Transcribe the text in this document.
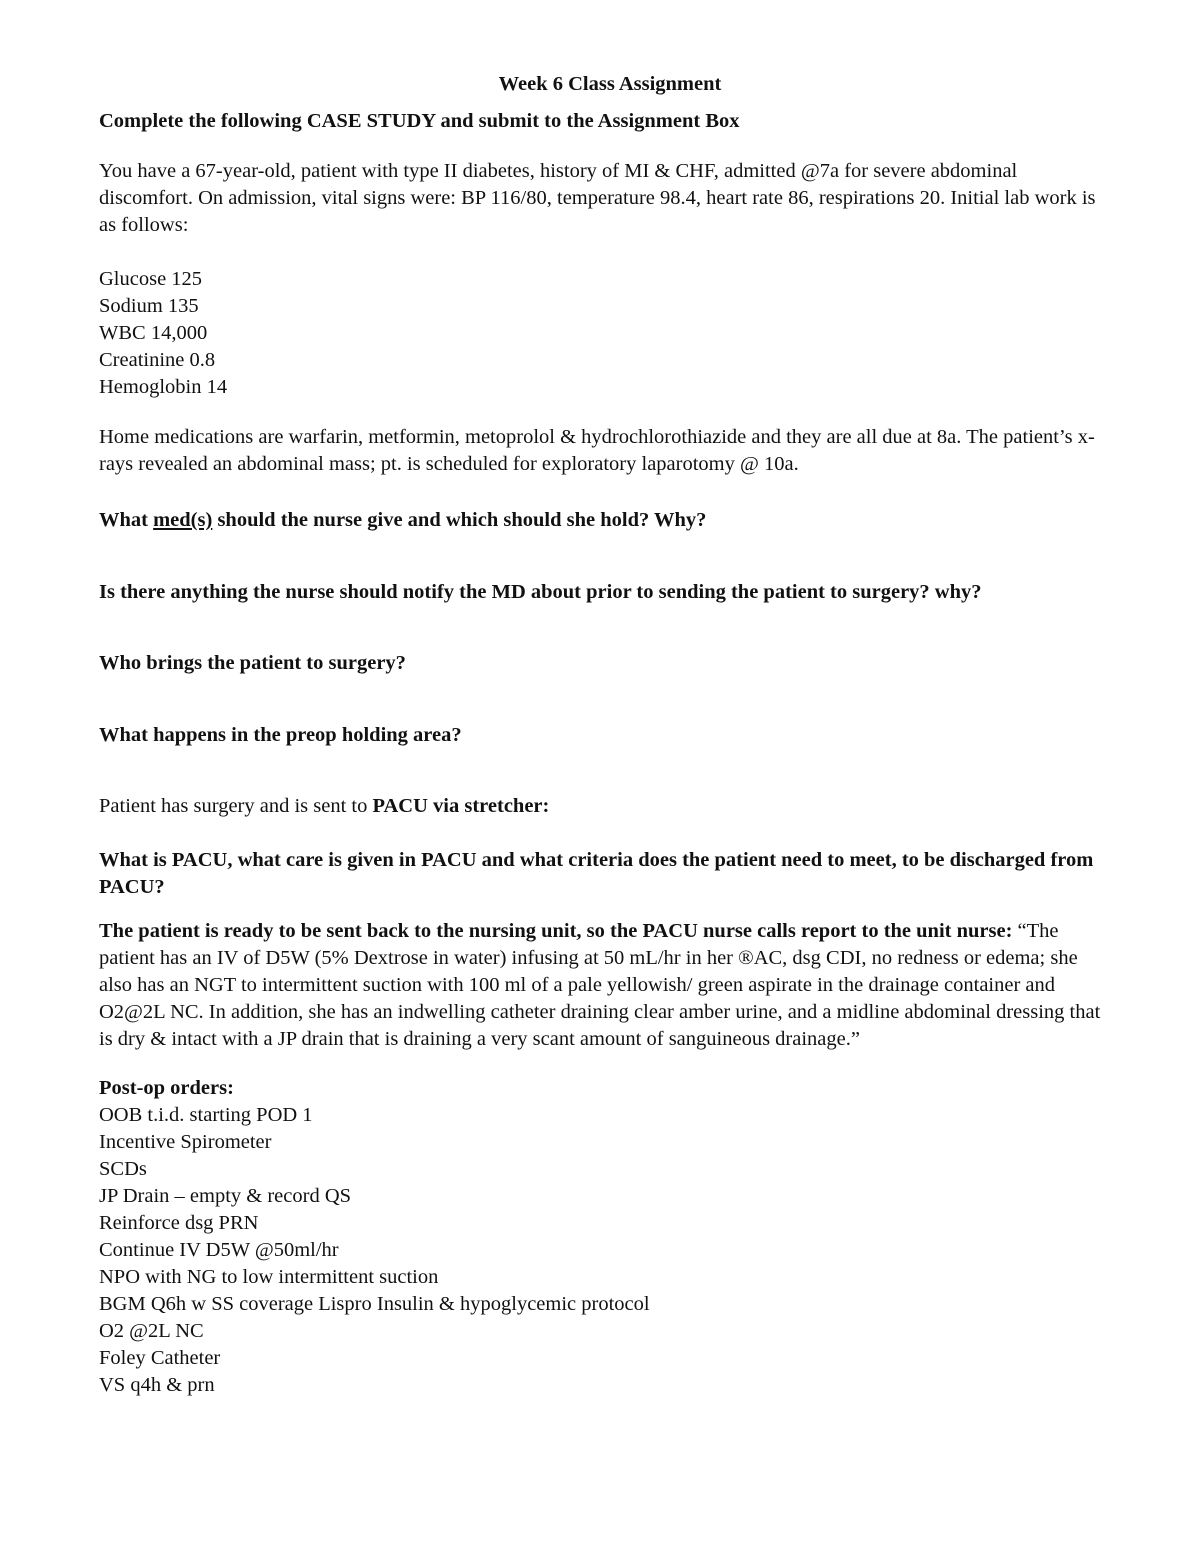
Week 6 Class Assignment

Complete the following CASE STUDY and submit to the Assignment Box

You have a 67-year-old, patient with type II diabetes, history of MI & CHF, admitted @7a for severe abdominal discomfort. On admission, vital signs were: BP 116/80, temperature 98.4, heart rate 86, respirations 20. Initial lab work is as follows:

Glucose 125
Sodium 135
WBC 14,000
Creatinine 0.8
Hemoglobin 14

Home medications are warfarin, metformin, metoprolol & hydrochlorothiazide and they are all due at 8a. The patient’s x-rays revealed an abdominal mass; pt. is scheduled for exploratory laparotomy @ 10a.

What med(s) should the nurse give and which should she hold? Why?

Is there anything the nurse should notify the MD about prior to sending the patient to surgery? why?

Who brings the patient to surgery?

What happens in the preop holding area?

Patient has surgery and is sent to PACU via stretcher:

What is PACU, what care is given in PACU and what criteria does the patient need to meet, to be discharged from PACU?

The patient is ready to be sent back to the nursing unit, so the PACU nurse calls report to the unit nurse: “The patient has an IV of D5W (5% Dextrose in water) infusing at 50 mL/hr in her ®AC, dsg CDI, no redness or edema; she also has an NGT to intermittent suction with 100 ml of a pale yellowish/ green aspirate in the drainage container and O2@2L NC. In addition, she has an indwelling catheter draining clear amber urine, and a midline abdominal dressing that is dry & intact with a JP drain that is draining a very scant amount of sanguineous drainage.”

Post-op orders:

OOB t.i.d. starting POD 1
Incentive Spirometer
SCDs
JP Drain – empty & record QS
Reinforce dsg PRN
Continue IV D5W @50ml/hr
NPO with NG to low intermittent suction
BGM Q6h w SS coverage Lispro Insulin & hypoglycemic protocol
O2 @2L NC
Foley Catheter
VS q4h & prn
